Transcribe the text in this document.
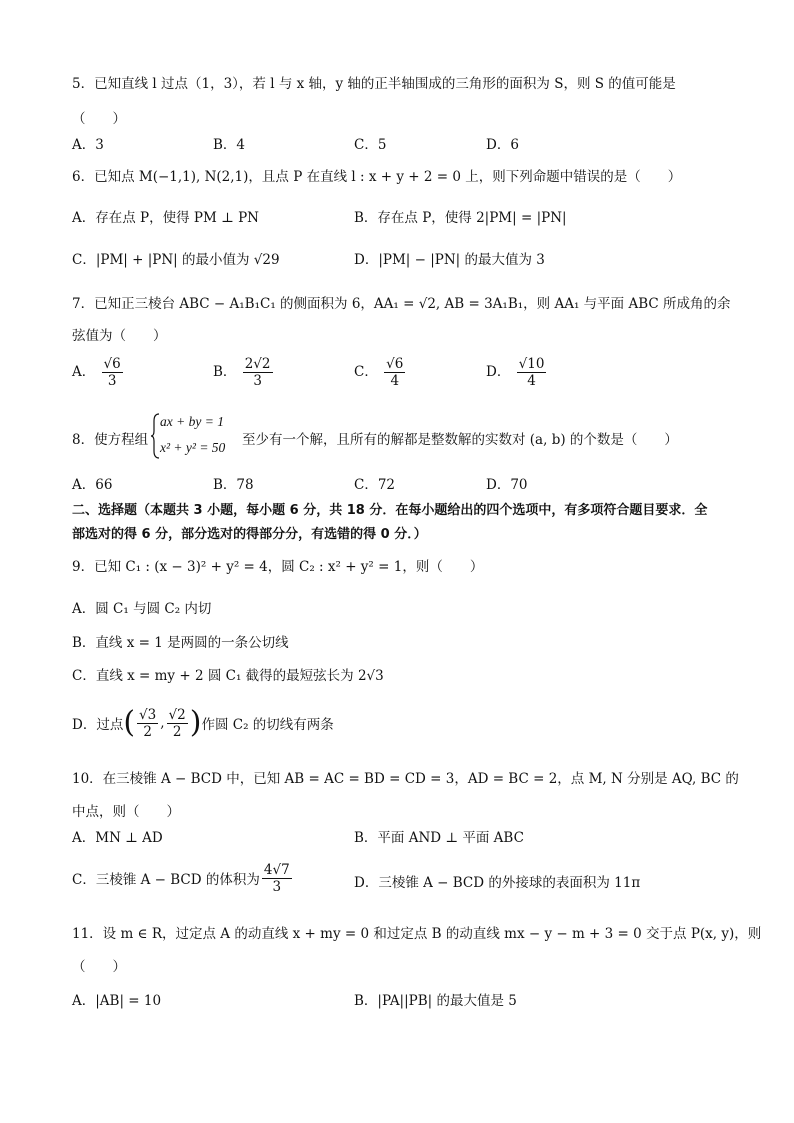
5．已知直线 l 过点（1，3），若 l 与 x 轴，y 轴的正半轴围成的三角形的面积为 S，则 S 的值可能是
（　　）
A．3	B．4	C．5	D．6
6．已知点 M(−1,1), N(2,1)，且点 P 在直线 l : x + y + 2 = 0 上，则下列命题中错误的是（　　）
A．存在点 P，使得 PM ⊥ PN	B．存在点 P，使得 2|PM| = |PN|
C．|PM| + |PN| 的最小值为 √29	D．|PM| − |PN| 的最大值为 3
7．已知正三棱台 ABC − A₁B₁C₁ 的侧面积为 6，AA₁ = √2, AB = 3A₁B₁，则 AA₁ 与平面 ABC 所成角的余
弦值为（　　）
A． $\frac{√6}{3}$	B． $\frac{2√2}{3}$	C． $\frac{√6}{4}$	D． $\frac{√10}{4}$
8．使方程组
ax + by = 1
x² + y² = 50 至少有一个解，且所有的解都是整数解的实数对 (a, b) 的个数是（　　）
A．66	B．78	C．72	D．70
二、选择题（本题共 3 小题，每小题 6 分，共 18 分．在每小题给出的四个选项中，有多项符合题目要求．全
部选对的得 6 分，部分选对的得部分分，有选错的得 0 分．）
9．已知 C₁ : (x − 3)² + y² = 4，圆 C₂ : x² + y² = 1，则（　　）
A．圆 C₁ 与圆 C₂ 内切
B．直线 x = 1 是两圆的一条公切线
C．直线 x = my + 2 圆 C₁ 截得的最短弦长为 2√3
D．过点 ( $\frac{√3}{2}$ , $\frac{√2}{2}$ ) 作圆 C₂ 的切线有两条
10．在三棱锥 A − BCD 中，已知 AB = AC = BD = CD = 3，AD = BC = 2，点 M, N 分别是 AQ, BC 的
中点，则（　　）
A．MN ⊥ AD	B．平面 AND ⊥ 平面 ABC
C．三棱锥 A − BCD 的体积为 $\frac{4√7}{3}$	D．三棱锥 A − BCD 的外接球的表面积为 11π
11．设 m ∈ R，过定点 A 的动直线 x + my = 0 和过定点 B 的动直线 mx − y − m + 3 = 0 交于点 P(x, y)，则
（　　）
A．|AB| = 10	B．|PA||PB| 的最大值是 5
